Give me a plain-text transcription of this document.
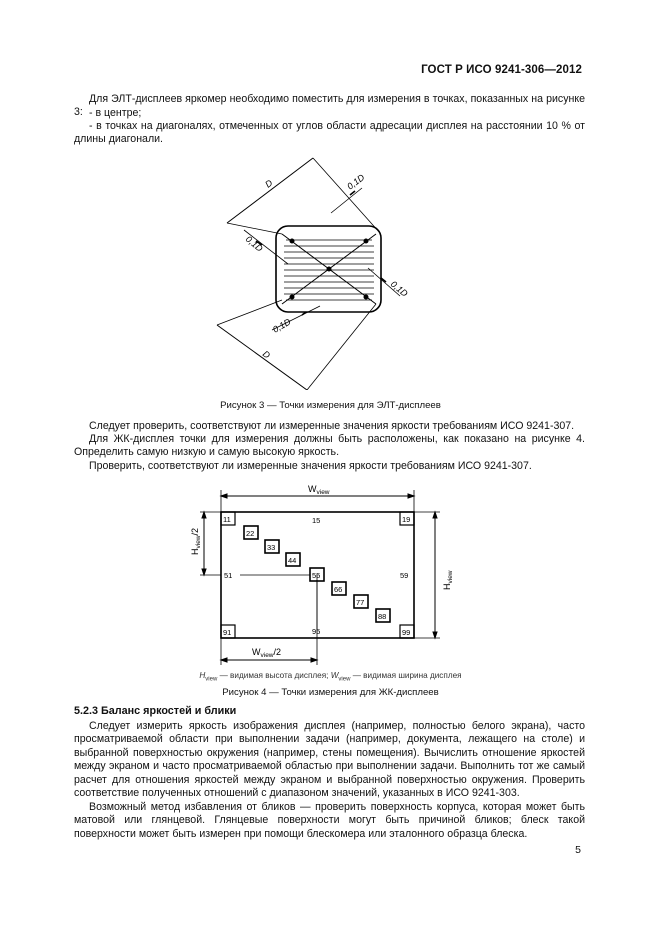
ГОСТ Р ИСО 9241-306—2012
Для ЭЛТ-дисплеев яркомер необходимо поместить для измерения в точках, показанных на рисунке 3: - в центре;
- в точках на диагоналях, отмеченных от углов области адресации дисплея на расстоянии 10 % от длины диагонали.
D	0,1D
0,1D
0,1D
0,1D
D
Рисунок 3 — Точки измерения для ЭЛТ-дисплеев
Следует проверить, соответствуют ли измеренные значения яркости требованиям ИСО 9241-307.
Для ЖК-дисплея точки для измерения должны быть расположены, как показано на рисунке 4. Определить самую низкую и самую высокую яркость.
Проверить, соответствуют ли измеренные значения яркости требованиям ИСО 9241-307.
11	15	19
22
33
44
51	55	59
66
77
88
91	95	99
$W_{view}$
$H_{view}$
$H_{view}/2$
$W_{view}/2$
$H_{view}$ — видимая высота дисплея; $W_{view}$ — видимая ширина дисплея
Рисунок 4 — Точки измерения для ЖК-дисплеев
5.2.3 Баланс яркостей и блики
Следует измерить яркость изображения дисплея (например, полностью белого экрана), часто просматриваемой области при выполнении задачи (например, документа, лежащего на столе) и выбранной поверхностью окружения (например, стены помещения). Вычислить отношение яркостей между экраном и часто просматриваемой областью при выполнении задачи. Выполнить тот же самый расчет для отношения яркостей между экраном и выбранной поверхностью окружения. Проверить соответствие полученных отношений с диапазоном значений, указанных в ИСО 9241-303.
Возможный метод избавления от бликов — проверить поверхность корпуса, которая может быть матовой или глянцевой. Глянцевые поверхности могут быть причиной бликов; блеск такой поверхности может быть измерен при помощи блескомера или эталонного образца блеска.
5
